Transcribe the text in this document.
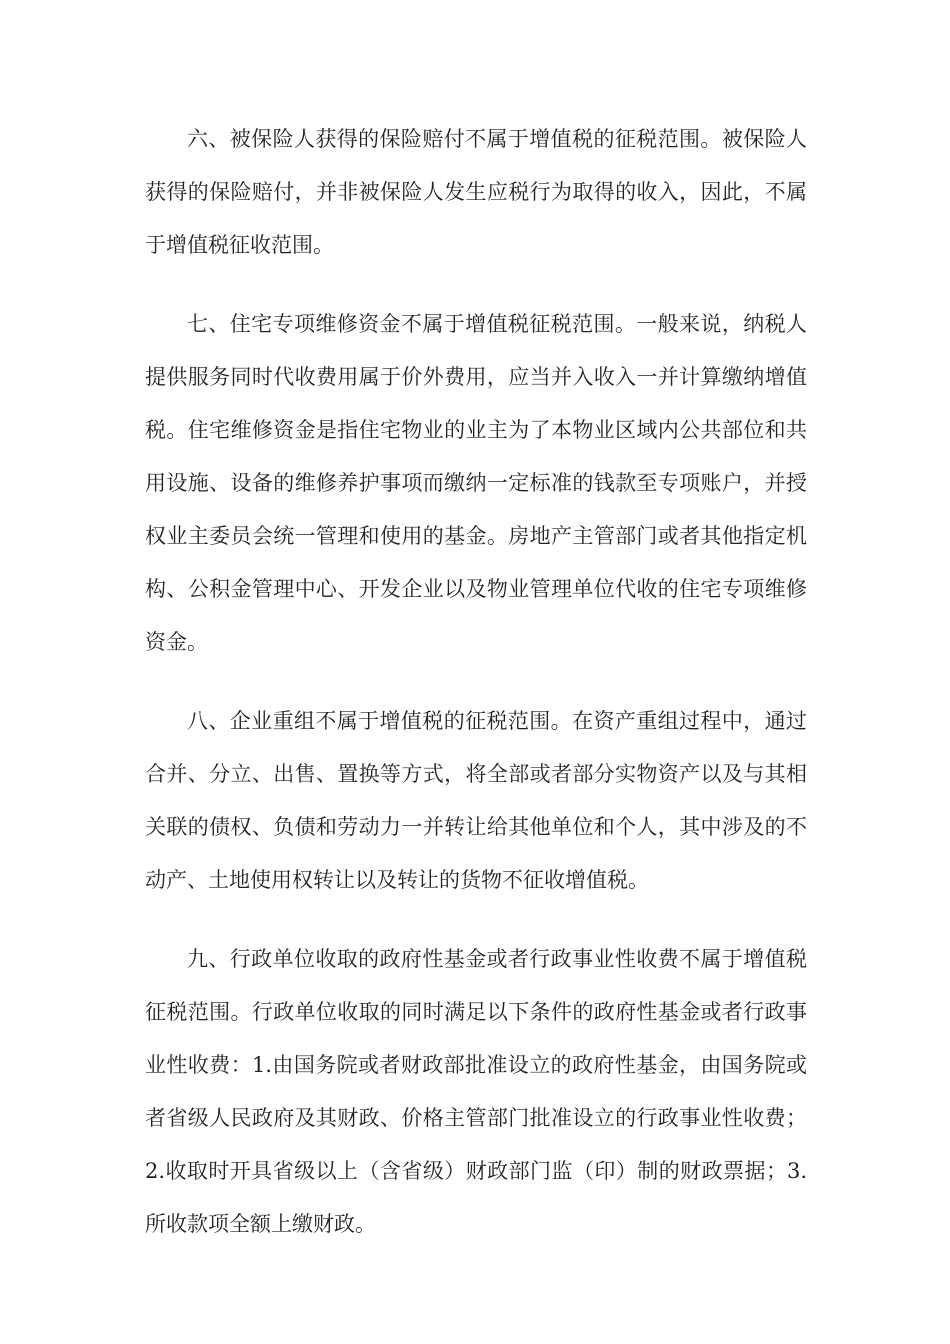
六、被保险人获得的保险赔付不属于增值税的征税范围。被保险人获得的保险赔付，并非被保险人发生应税行为取得的收入，因此，不属于增值税征收范围。

七、住宅专项维修资金不属于增值税征税范围。一般来说，纳税人提供服务同时代收费用属于价外费用，应当并入收入一并计算缴纳增值税。住宅维修资金是指住宅物业的业主为了本物业区域内公共部位和共用设施、设备的维修养护事项而缴纳一定标准的钱款至专项账户，并授权业主委员会统一管理和使用的基金。房地产主管部门或者其他指定机构、公积金管理中心、开发企业以及物业管理单位代收的住宅专项维修资金。

八、企业重组不属于增值税的征税范围。在资产重组过程中，通过合并、分立、出售、置换等方式，将全部或者部分实物资产以及与其相关联的债权、负债和劳动力一并转让给其他单位和个人，其中涉及的不动产、土地使用权转让以及转让的货物不征收增值税。

九、行政单位收取的政府性基金或者行政事业性收费不属于增值税征税范围。行政单位收取的同时满足以下条件的政府性基金或者行政事业性收费：1.由国务院或者财政部批准设立的政府性基金，由国务院或者省级人民政府及其财政、价格主管部门批准设立的行政事业性收费；2.收取时开具省级以上（含省级）财政部门监（印）制的财政票据；3.所收款项全额上缴财政。
